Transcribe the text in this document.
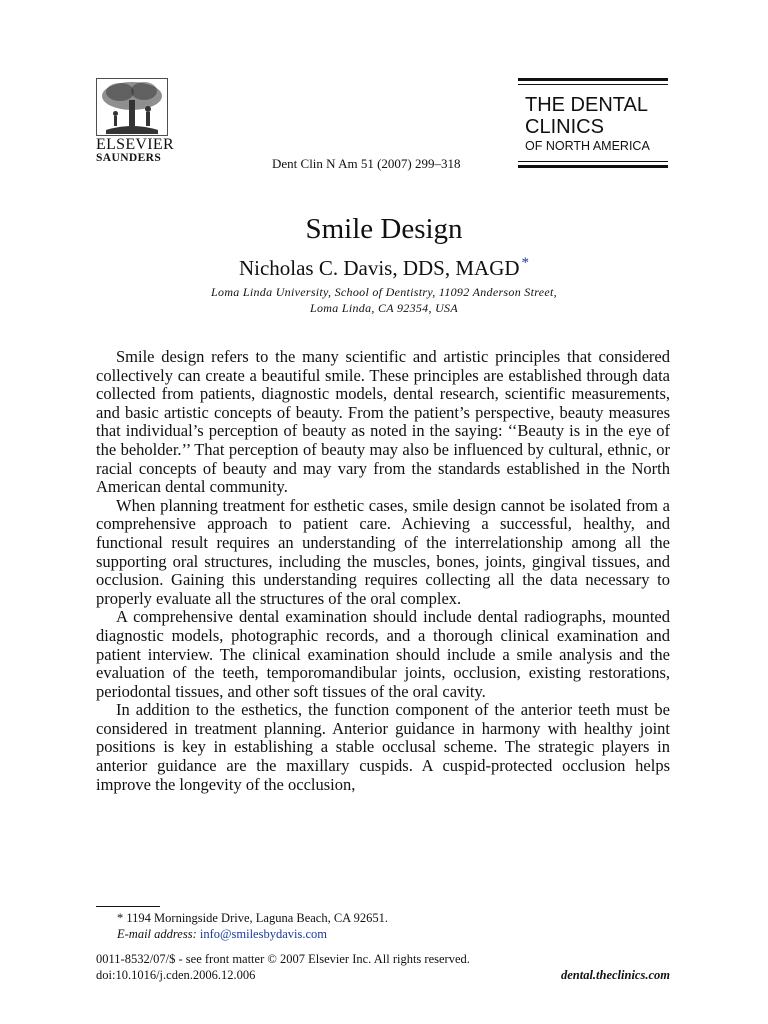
ELSEVIER
SAUNDERS	Dent Clin N Am 51 (2007) 299–318
THE DENTAL
CLINICS
OF NORTH AMERICA
Smile Design
Nicholas C. Davis, DDS, MAGD *
Loma Linda University, School of Dentistry, 11092 Anderson Street,
Loma Linda, CA 92354, USA

Smile design refers to the many scientific and artistic principles that considered collectively can create a beautiful smile. These principles are established through data collected from patients, diagnostic models, dental research, scientific measurements, and basic artistic concepts of beauty. From the patient’s perspective, beauty measures that individual’s perception of beauty as noted in the saying: ‘‘Beauty is in the eye of the beholder.’’ That perception of beauty may also be influenced by cultural, ethnic, or racial concepts of beauty and may vary from the standards established in the North American dental community.

When planning treatment for esthetic cases, smile design cannot be isolated from a comprehensive approach to patient care. Achieving a successful, healthy, and functional result requires an understanding of the interrelationship among all the supporting oral structures, including the muscles, bones, joints, gingival tissues, and occlusion. Gaining this understanding requires collecting all the data necessary to properly evaluate all the structures of the oral complex.

A comprehensive dental examination should include dental radiographs, mounted diagnostic models, photographic records, and a thorough clinical examination and patient interview. The clinical examination should include a smile analysis and the evaluation of the teeth, temporomandibular joints, occlusion, existing restorations, periodontal tissues, and other soft tissues of the oral cavity.

In addition to the esthetics, the function component of the anterior teeth must be considered in treatment planning. Anterior guidance in harmony with healthy joint positions is key in establishing a stable occlusal scheme. The strategic players in anterior guidance are the maxillary cuspids. A cuspid-protected occlusion helps improve the longevity of the occlusion,

* 1194 Morningside Drive, Laguna Beach, CA 92651.
E-mail address: info@smilesbydavis.com
0011-8532/07/$ - see front matter © 2007 Elsevier Inc. All rights reserved.
doi:10.1016/j.cden.2006.12.006	dental.theclinics.com
